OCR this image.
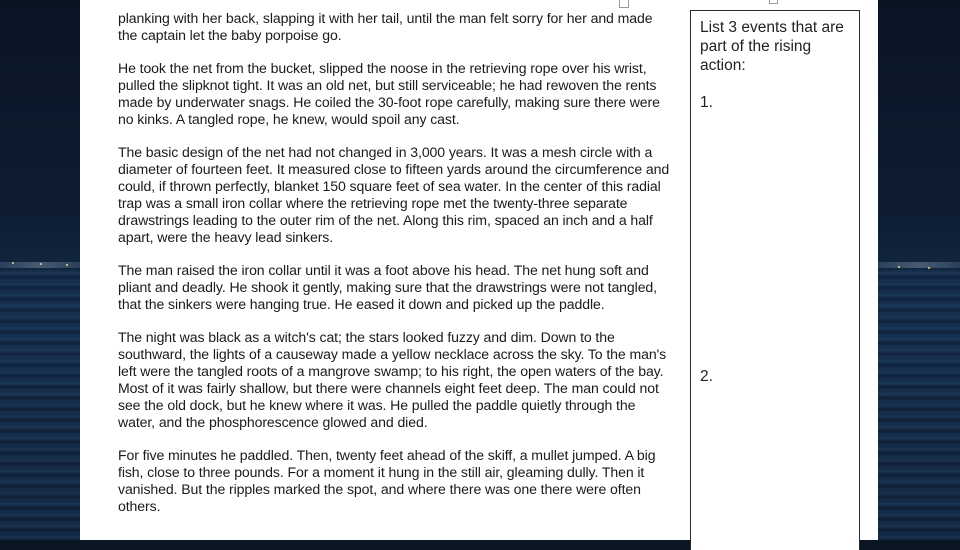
planking with her back, slapping it with her tail, until the man felt sorry for her and made the captain let the baby porpoise go.

He took the net from the bucket, slipped the noose in the retrieving rope over his wrist, pulled the slipknot tight. It was an old net, but still serviceable; he had rewoven the rents made by underwater snags. He coiled the 30-foot rope carefully, making sure there were no kinks. A tangled rope, he knew, would spoil any cast.

The basic design of the net had not changed in 3,000 years. It was a mesh circle with a diameter of fourteen feet. It measured close to fifteen yards around the circumference and could, if thrown perfectly, blanket 150 square feet of sea water. In the center of this radial trap was a small iron collar where the retrieving rope met the twenty-three separate drawstrings leading to the outer rim of the net. Along this rim, spaced an inch and a half apart, were the heavy lead sinkers.

The man raised the iron collar until it was a foot above his head. The net hung soft and pliant and deadly. He shook it gently, making sure that the drawstrings were not tangled, that the sinkers were hanging true. He eased it down and picked up the paddle.

The night was black as a witch's cat; the stars looked fuzzy and dim. Down to the southward, the lights of a causeway made a yellow necklace across the sky. To the man's left were the tangled roots of a mangrove swamp; to his right, the open waters of the bay. Most of it was fairly shallow, but there were channels eight feet deep. The man could not see the old dock, but he knew where it was. He pulled the paddle quietly through the water, and the phosphorescence glowed and died.

For five minutes he paddled. Then, twenty feet ahead of the skiff, a mullet jumped. A big fish, close to three pounds. For a moment it hung in the still air, gleaming dully. Then it vanished. But the ripples marked the spot, and where there was one there were often others.

List 3 events that are part of the rising action:
1.
2.
